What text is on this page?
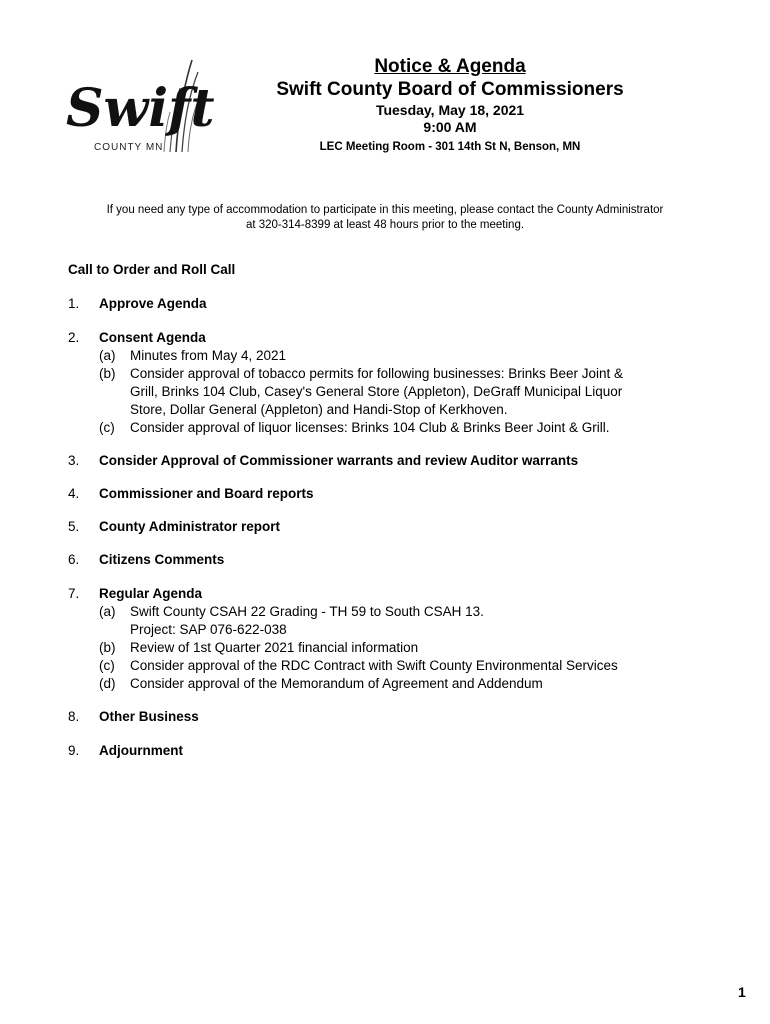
Swift
COUNTY MN
Notice & Agenda
Swift County Board of Commissioners
Tuesday, May 18, 2021
9:00 AM
LEC Meeting Room - 301 14th St N, Benson, MN
If you need any type of accommodation to participate in this meeting, please contact the County Administrator
at 320-314-8399 at least 48 hours prior to the meeting.
Call to Order and Roll Call
1. Approve Agenda
2. Consent Agenda
(a) Minutes from May 4, 2021
(b) Consider approval of tobacco permits for following businesses: Brinks Beer Joint &
Grill, Brinks 104 Club, Casey's General Store (Appleton), DeGraff Municipal Liquor
Store, Dollar General (Appleton) and Handi-Stop of Kerkhoven.
(c) Consider approval of liquor licenses: Brinks 104 Club & Brinks Beer Joint & Grill.
3. Consider Approval of Commissioner warrants and review Auditor warrants
4. Commissioner and Board reports
5. County Administrator report
6. Citizens Comments
7. Regular Agenda
(a) Swift County CSAH 22 Grading - TH 59 to South CSAH 13.
Project: SAP 076-622-038
(b) Review of 1st Quarter 2021 financial information
(c) Consider approval of the RDC Contract with Swift County Environmental Services
(d) Consider approval of the Memorandum of Agreement and Addendum
8. Other Business
9. Adjournment
1
